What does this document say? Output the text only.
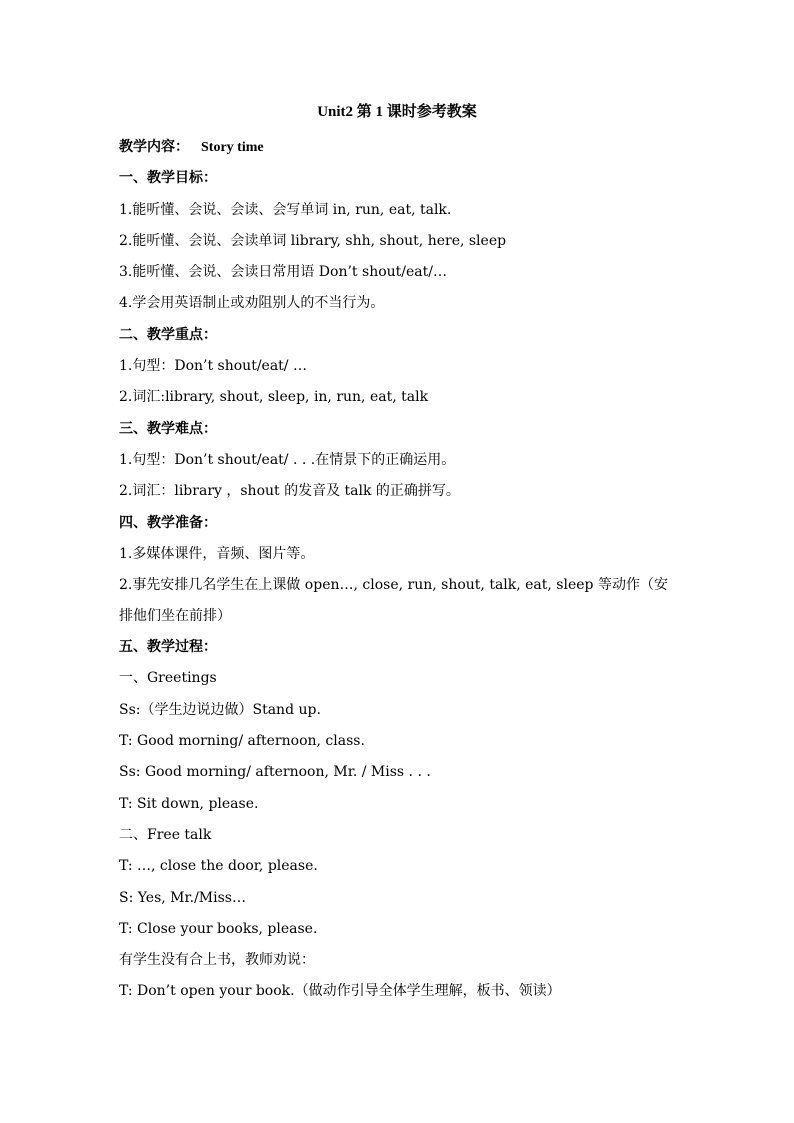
Unit2 第 1 课时参考教案
教学内容： Story time
一、教学目标：
1.能听懂、会说、会读、会写单词 in, run, eat, talk.
2.能听懂、会说、会读单词 library, shh, shout, here, sleep
3.能听懂、会说、会读日常用语 Don’t shout/eat/…
4.学会用英语制止或劝阻别人的不当行为。
二、教学重点：
1.句型：Don’t shout/eat/ …
2.词汇:library, shout, sleep, in, run, eat, talk
三、教学难点：
1.句型：Don’t shout/eat/ . . .在情景下的正确运用。
2.词汇：library ，shout 的发音及 talk 的正确拼写。
四、教学准备：
1.多媒体课件，音频、图片等。
2.事先安排几名学生在上课做 open…, close, run, shout, talk, eat, sleep 等动作（安排他们坐在前排）
五、教学过程：
一、Greetings
Ss:（学生边说边做）Stand up.
T: Good morning/ afternoon, class.
Ss: Good morning/ afternoon, Mr. / Miss . . .
T: Sit down, please.
二、Free talk
T: …, close the door, please.
S: Yes, Mr./Miss…
T: Close your books, please.
有学生没有合上书，教师劝说：
T: Don’t open your book.（做动作引导全体学生理解，板书、领读）
